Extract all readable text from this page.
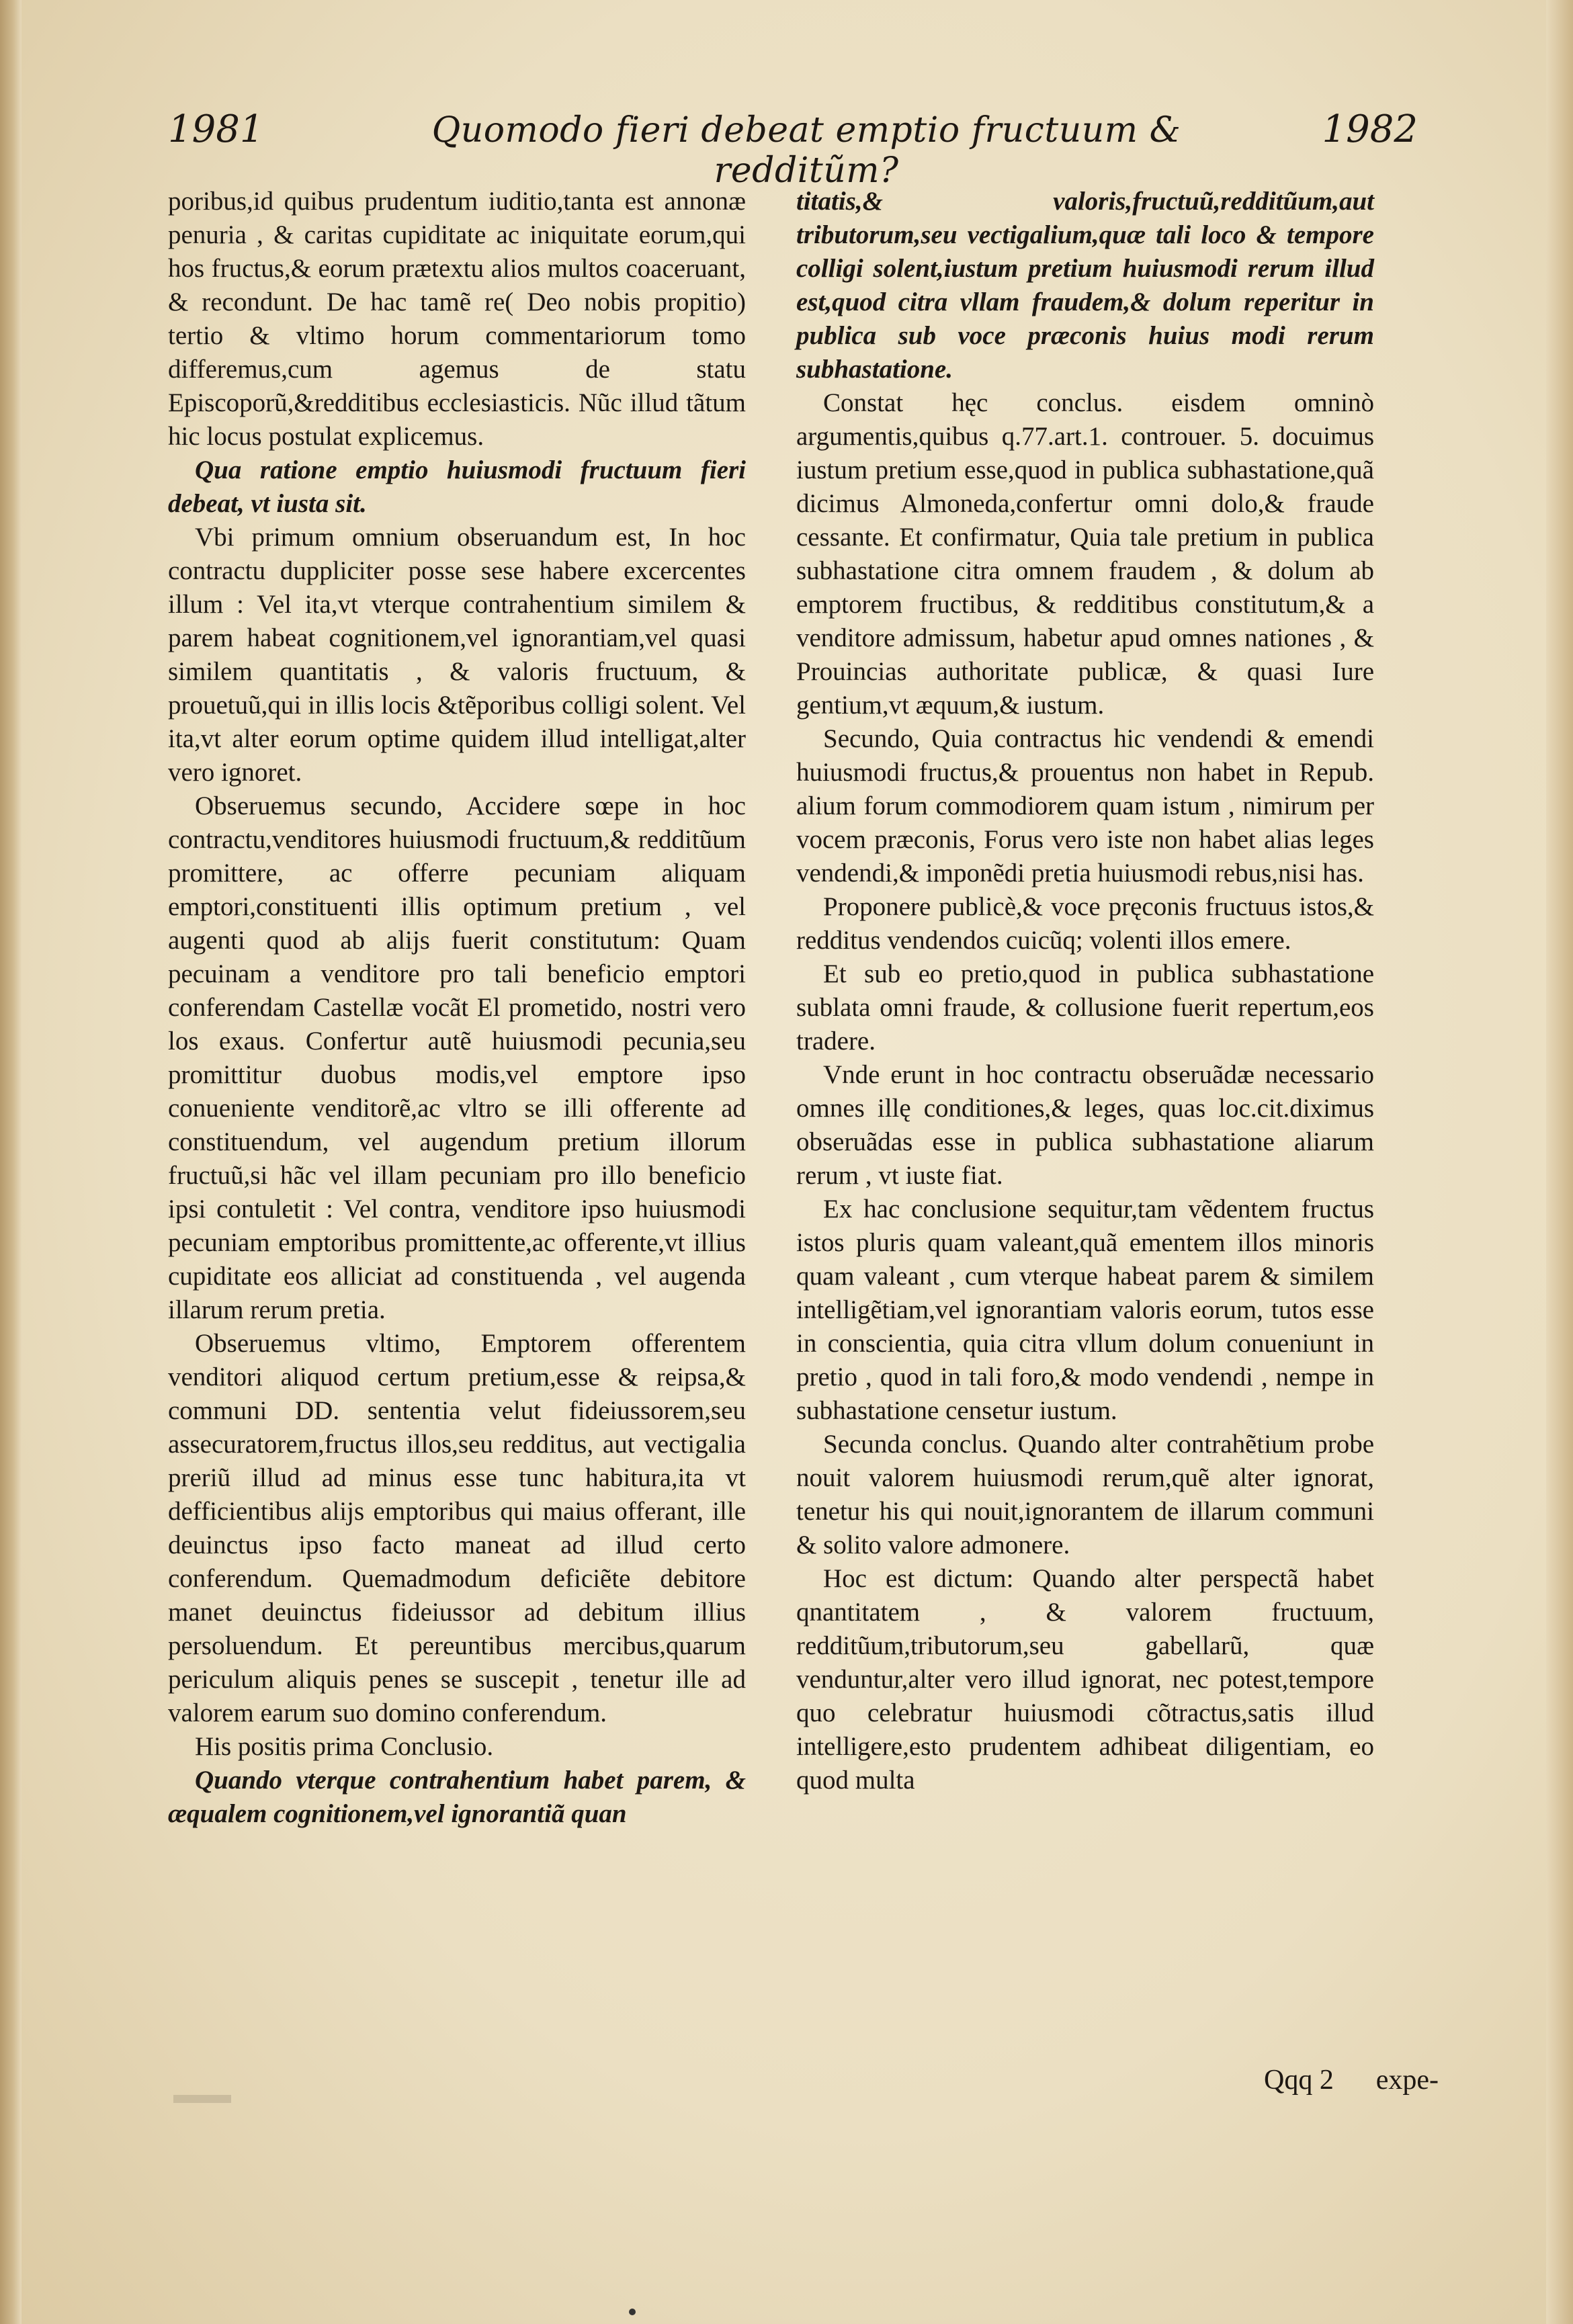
1981	Quomodo fieri debeat emptio fructuum & redditũm?
1982

poribus,id quibus prudentum iuditio,tanta est annonæ penuria , & caritas cupiditate ac iniquitate eorum,qui hos fructus,& eorum prætextu alios multos coaceruant, & recondunt. De hac tamẽ re( Deo nobis propitio) tertio & vltimo horum commentariorum tomo differemus,cum agemus de statu Episcoporũ,&redditibus ecclesiasticis. Nũc illud tãtum hic locus postulat explicemus.

Qua ratione emptio huiusmodi fructuum fieri debeat, vt iusta sit.

Vbi primum omnium obseruandum est, In hoc contractu duppliciter posse sese habere excercentes illum : Vel ita,vt vterque contrahentium similem & parem habeat cognitionem,vel ignorantiam,vel quasi similem quantitatis , & valoris fructuum, & prouetuũ,qui in illis locis &tẽporibus colligi solent. Vel ita,vt alter eorum optime quidem illud intelligat,alter vero ignoret.

Obseruemus secundo, Accidere sœpe in hoc contractu,venditores huiusmodi fructuum,& redditũum promittere, ac offerre pecuniam aliquam emptori,constituenti illis optimum pretium , vel augenti quod ab alijs fuerit constitutum: Quam pecuinam a venditore pro tali beneficio emptori conferendam Castellæ vocãt El prometido, nostri vero los exaus. Confertur autẽ huiusmodi pecunia,seu promittitur duobus modis,vel emptore ipso conueniente venditorẽ,ac vltro se illi offerente ad constituendum, vel augendum pretium illorum fructuũ,si hãc vel illam pecuniam pro illo beneficio ipsi contuletit : Vel contra, venditore ipso huiusmodi pecuniam emptoribus promittente,ac offerente,vt illius cupiditate eos alliciat ad constituenda , vel augenda illarum rerum pretia.

Obseruemus vltimo, Emptorem offerentem venditori aliquod certum pretium,esse & reipsa,& communi DD. sententia velut fideiussorem,seu assecuratorem,fructus illos,seu redditus, aut vectigalia preriũ illud ad minus esse tunc habitura,ita vt defficientibus alijs emptoribus qui maius offerant, ille deuinctus ipso facto maneat ad illud certo conferendum. Quemadmodum deficiẽte debitore manet deuinctus fideiussor ad debitum illius persoluendum. Et pereuntibus mercibus,quarum periculum aliquis penes se suscepit , tenetur ille ad valorem earum suo domino conferendum.

His positis prima Conclusio.

Quando vterque contrahentium habet parem, & æqualem cognitionem,vel ignorantiã quan

titatis,& valoris,fructuũ,redditũum,aut tributorum,seu vectigalium,quæ tali loco & tempore colligi solent,iustum pretium huiusmodi rerum illud est,quod citra vllam fraudem,& dolum reperitur in publica sub voce præconis huius modi rerum subhastatione.

Constat hęc conclus. eisdem omninò argumentis,quibus q.77.art.1. controuer. 5. docuimus iustum pretium esse,quod in publica subhastatione,quã dicimus Almoneda,confertur omni dolo,& fraude cessante. Et confirmatur, Quia tale pretium in publica subhastatione citra omnem fraudem , & dolum ab emptorem fructibus, & redditibus constitutum,& a venditore admissum, habetur apud omnes nationes , & Prouincias authoritate publicæ, & quasi Iure gentium,vt æquum,& iustum.

Secundo, Quia contractus hic vendendi & emendi huiusmodi fructus,& prouentus non habet in Repub. alium forum commodiorem quam istum , nimirum per vocem præconis, Forus vero iste non habet alias leges vendendi,& imponẽdi pretia huiusmodi rebus,nisi has.

Proponere publicè,& voce pręconis fructuus istos,& redditus vendendos cuicũq; volenti illos emere.

Et sub eo pretio,quod in publica subhastatione sublata omni fraude, & collusione fuerit repertum,eos tradere.

Vnde erunt in hoc contractu obseruãdæ necessario omnes illę conditiones,& leges, quas loc.cit.diximus obseruãdas esse in publica subhastatione aliarum rerum , vt iuste fiat.

Ex hac conclusione sequitur,tam vẽdentem fructus istos pluris quam valeant,quã ementem illos minoris quam valeant , cum vterque habeat parem & similem intelligẽtiam,vel ignorantiam valoris eorum, tutos esse in conscientia, quia citra vllum dolum conueniunt in pretio , quod in tali foro,& modo vendendi , nempe in subhastatione censetur iustum.

Secunda conclus. Quando alter contrahẽtium probe nouit valorem huiusmodi rerum,quẽ alter ignorat, tenetur his qui nouit,ignorantem de illarum communi & solito valore admonere.

Hoc est dictum: Quando alter perspectã habet qnantitatem , & valorem fructuum, redditũum,tributorum,seu gabellarũ, quæ venduntur,alter vero illud ignorat, nec potest,tempore quo celebratur huiusmodi cõtractus,satis illud intelligere,esto prudentem adhibeat diligentiam, eo quod multa

Qqq 2 expe-
